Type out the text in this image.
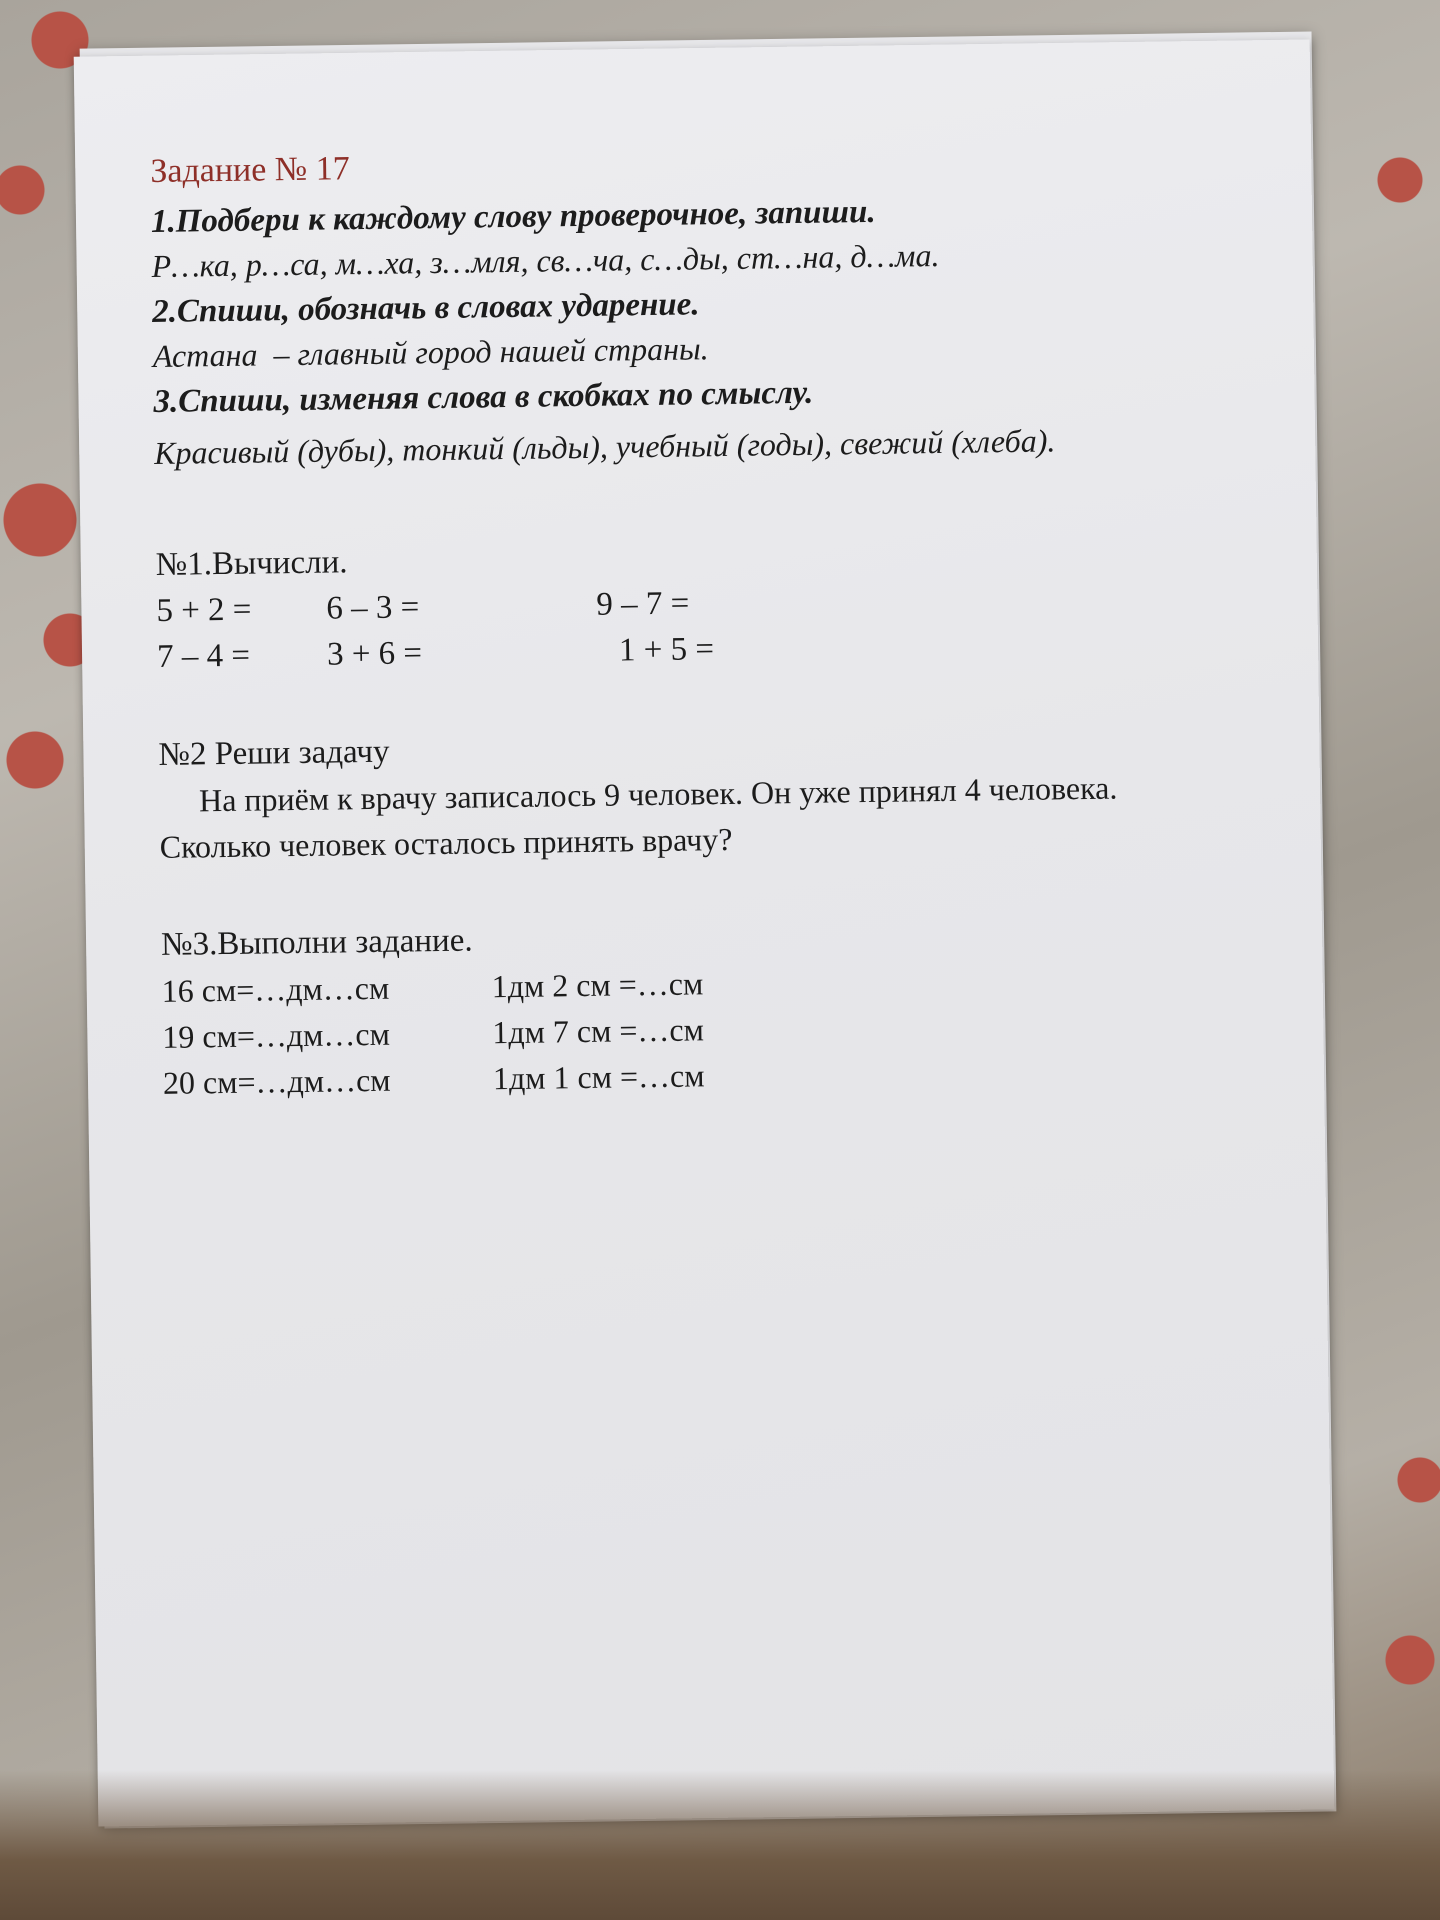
Задание № 17
1.Подбери к каждому слову проверочное, запиши.
Р…ка, р…са, м…ха, з…мля, св…ча, с…ды, ст…на, д…ма.
2.Спиши, обозначь в словах ударение.
Астана  – главный город нашей страны.
3.Спиши, изменяя слова в скобках по смыслу.
Красивый (дубы), тонкий (льды), учебный (годы), свежий (хлеба).
№1.Вычисли.
5 + 2 =	6 – 3 =	9 – 7 =
7 – 4 =	3 + 6 =	1 + 5 =
№2 Реши задачу
На приём к врачу записалось 9 человек. Он уже принял 4 человека. Сколько человек осталось принять врачу?
№3.Выполни задание.
16 см=…дм…см	1дм 2 см =…см
19 см=…дм…см	1дм 7 см =…см
20 см=…дм…см	1дм 1 см =…см
